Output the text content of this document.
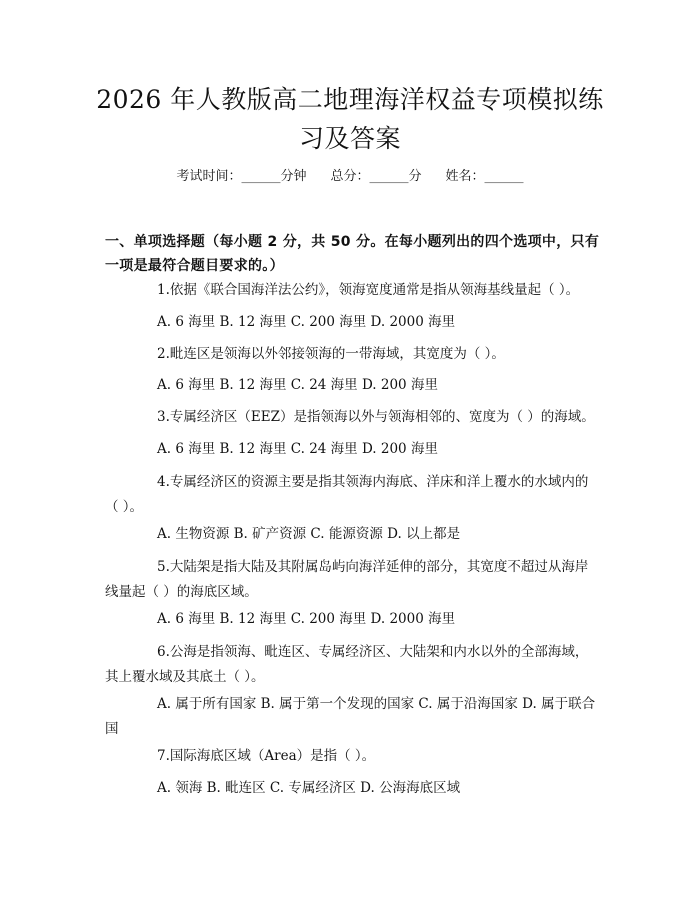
2026 年人教版高二地理海洋权益专项模拟练习及答案
考试时间：______分钟 总分：______分 姓名：______
一、单项选择题（每小题 2 分，共 50 分。在每小题列出的四个选项中，只有一项是最符合题目要求的。）
1.依据《联合国海洋法公约》，领海宽度通常是指从领海基线量起（ ）。
A. 6 海里 B. 12 海里 C. 200 海里 D. 2000 海里
2.毗连区是领海以外邻接领海的一带海域，其宽度为（ ）。
A. 6 海里 B. 12 海里 C. 24 海里 D. 200 海里
3.专属经济区（EEZ）是指领海以外与领海相邻的、宽度为（ ）的海域。
A. 6 海里 B. 12 海里 C. 24 海里 D. 200 海里
4.专属经济区的资源主要是指其领海内海底、洋床和洋上覆水的水域内的（ ）。
A. 生物资源 B. 矿产资源 C. 能源资源 D. 以上都是
5.大陆架是指大陆及其附属岛屿向海洋延伸的部分，其宽度不超过从海岸线量起（ ）的海底区域。
A. 6 海里 B. 12 海里 C. 200 海里 D. 2000 海里
6.公海是指领海、毗连区、专属经济区、大陆架和内水以外的全部海域，其上覆水域及其底土（ ）。
A. 属于所有国家 B. 属于第一个发现的国家 C. 属于沿海国家 D. 属于联合国
7.国际海底区域（Area）是指（ ）。
A. 领海 B. 毗连区 C. 专属经济区 D. 公海海底区域
